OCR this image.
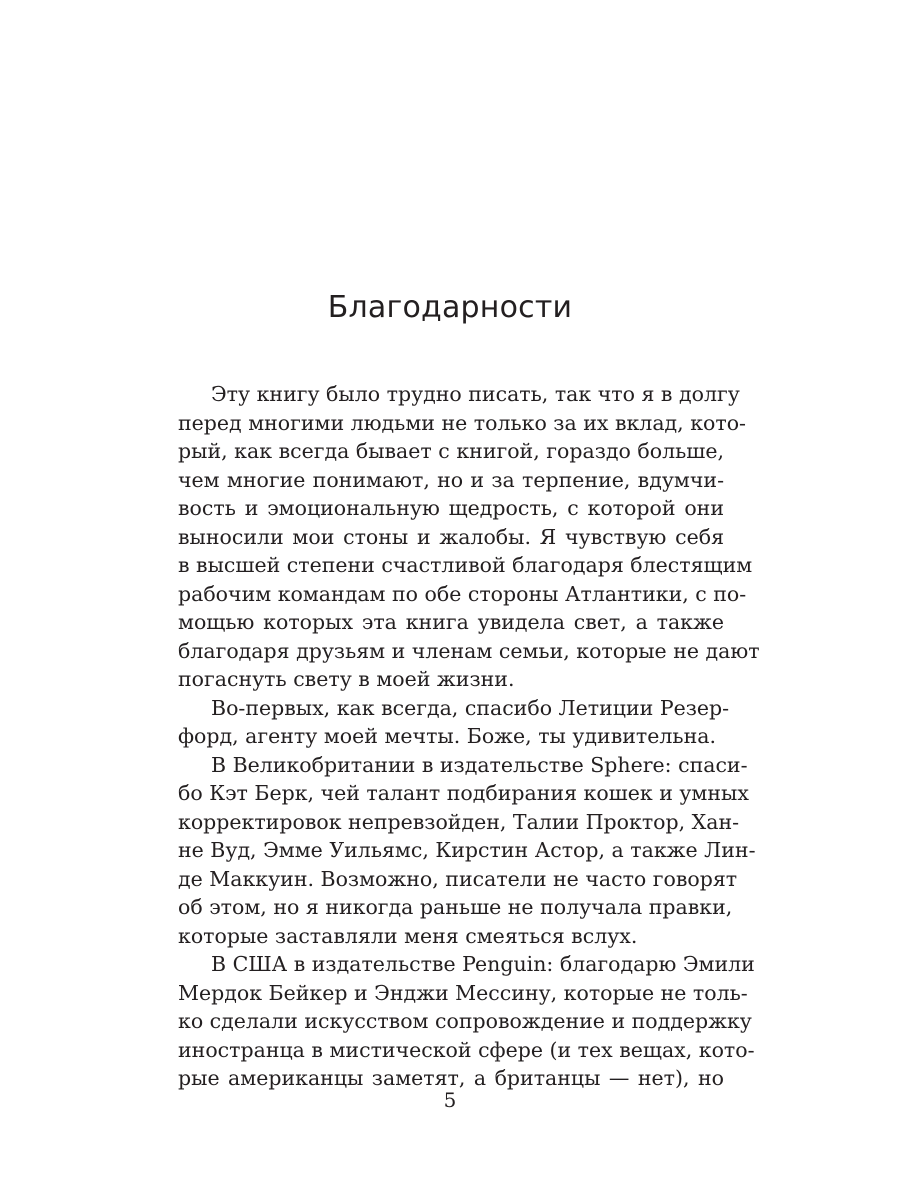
Благодарности
Эту книгу было трудно писать, так что я в долгу
перед многими людьми не только за их вклад, кото-
рый, как всегда бывает с книгой, гораздо больше,
чем многие понимают, но и за терпение, вдумчи-
вость и эмоциональную щедрость, с которой они
выносили мои стоны и жалобы. Я чувствую себя
в высшей степени счастливой благодаря блестящим
рабочим командам по обе стороны Атлантики, с по-
мощью которых эта книга увидела свет, а также
благодаря друзьям и членам семьи, которые не дают
погаснуть свету в моей жизни.
Во-первых, как всегда, спасибо Летиции Резер-
форд, агенту моей мечты. Боже, ты удивительна.
В Великобритании в издательстве Sphere: спаси-
бо Кэт Берк, чей талант подбирания кошек и умных
корректировок непревзойден, Талии Проктор, Хан-
не Вуд, Эмме Уильямс, Кирстин Астор, а также Лин-
де Маккуин. Возможно, писатели не часто говорят
об этом, но я никогда раньше не получала правки,
которые заставляли меня смеяться вслух.
В США в издательстве Penguin: благодарю Эмили
Мердок Бейкер и Энджи Мессину, которые не толь-
ко сделали искусством сопровождение и поддержку
иностранца в мистической сфере (и тех вещах, кото-
рые американцы заметят, а британцы — нет), но
5
